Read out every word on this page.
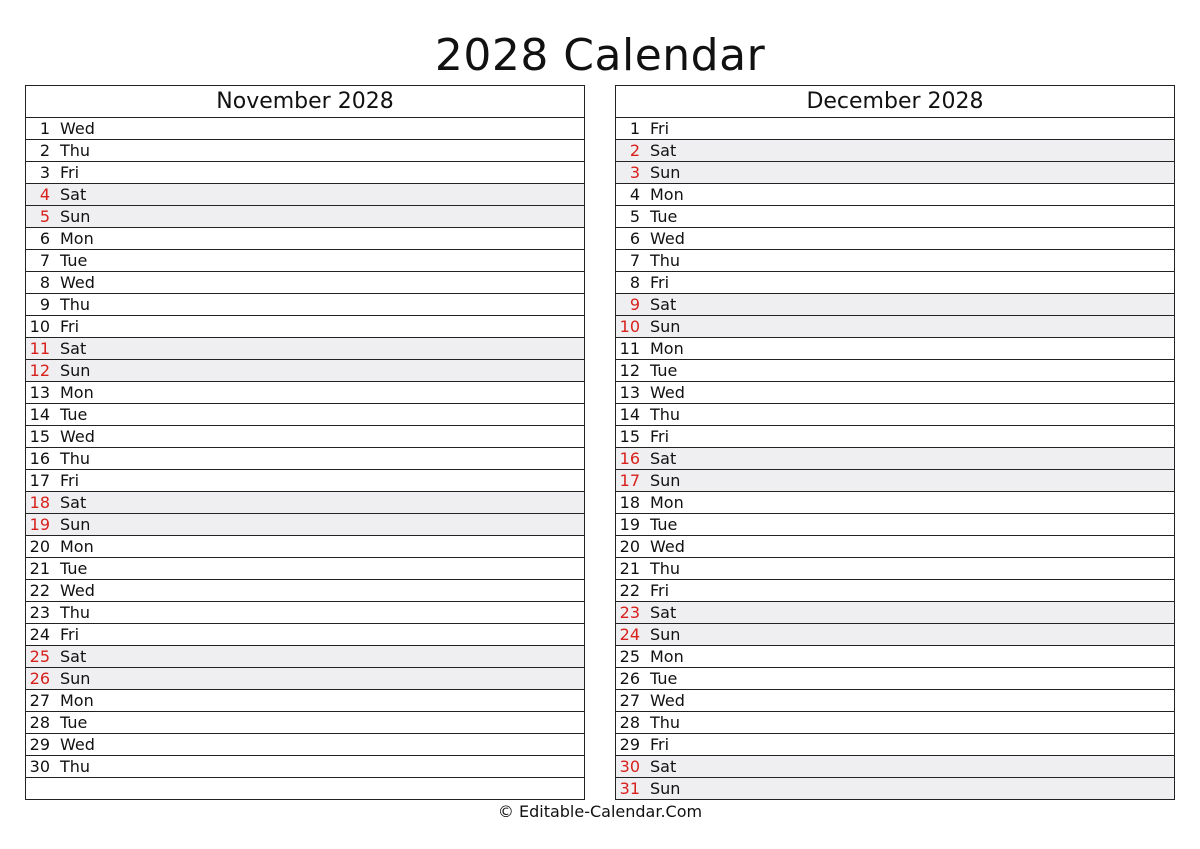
2028 Calendar
November 2028
1 Wed
2 Thu
3 Fri
4 Sat
5 Sun
6 Mon
7 Tue
8 Wed
9 Thu
10 Fri
11 Sat
12 Sun
13 Mon
14 Tue
15 Wed
16 Thu
17 Fri
18 Sat
19 Sun
20 Mon
21 Tue
22 Wed
23 Thu
24 Fri
25 Sat
26 Sun
27 Mon
28 Tue
29 Wed
30 Thu
December 2028
1 Fri
2 Sat
3 Sun
4 Mon
5 Tue
6 Wed
7 Thu
8 Fri
9 Sat
10 Sun
11 Mon
12 Tue
13 Wed
14 Thu
15 Fri
16 Sat
17 Sun
18 Mon
19 Tue
20 Wed
21 Thu
22 Fri
23 Sat
24 Sun
25 Mon
26 Tue
27 Wed
28 Thu
29 Fri
30 Sat
31 Sun
© Editable-Calendar.Com
